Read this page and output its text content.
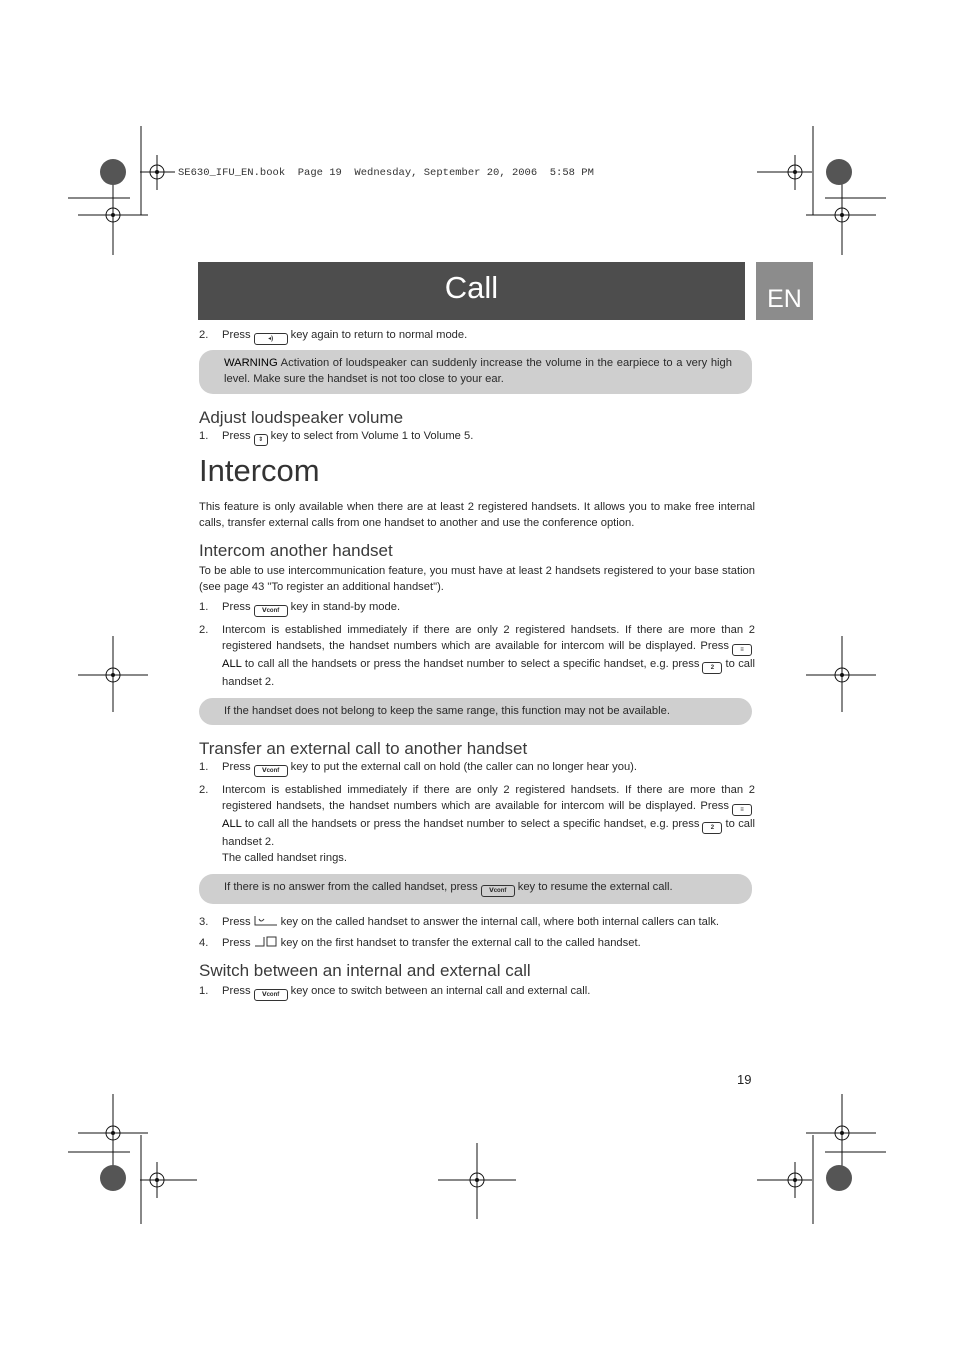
SE630_IFU_EN.book  Page 19  Wednesday, September 20, 2006  5:58 PM
Call	EN
2. Press	◂) key again to return to normal mode.
WARNING Activation of loudspeaker can suddenly increase the volume in the earpiece to a very high level. Make sure the handset is not too close to your ear.
Adjust loudspeaker volume
1. Press ⇕ key to select from Volume 1 to Volume 5.
Intercom
This feature is only available when there are at least 2 registered handsets. It allows you to make free internal calls, transfer external calls from one handset to another and use the conference option.
Intercom another handset
To be able to use intercommunication feature, you must have at least 2 handsets registered to your base station (see page 43 "To register an additional handset").
1. Press ᐯconf key in stand-by mode.
2. Intercom is established immediately if there are only 2 registered handsets. If there are more than 2 registered handsets, the handset numbers which are available for intercom will be displayed. Press ≡ALL to call all the handsets or press the handset number to select a specific handset, e.g. press 2 to call handset 2.
If the handset does not belong to keep the same range, this function may not be available.
Transfer an external call to another handset
1. Press ᐯconf key to put the external call on hold (the caller can no longer hear you).
2. Intercom is established immediately if there are only 2 registered handsets. If there are more than 2 registered handsets, the handset numbers which are available for intercom will be displayed. Press ≡ALL to call all the handsets or press the handset number to select a specific handset, e.g. press 2 to call handset 2.
The called handset rings.
If there is no answer from the called handset, press ᐯconf key to resume the external call.
3. Press	key on the called handset to answer the internal call, where both internal callers can talk.
4. Press	key on the first handset to transfer the external call to the called handset.
Switch between an internal and external call
1. Press ᐯconf key once to switch between an internal call and external call.
19
